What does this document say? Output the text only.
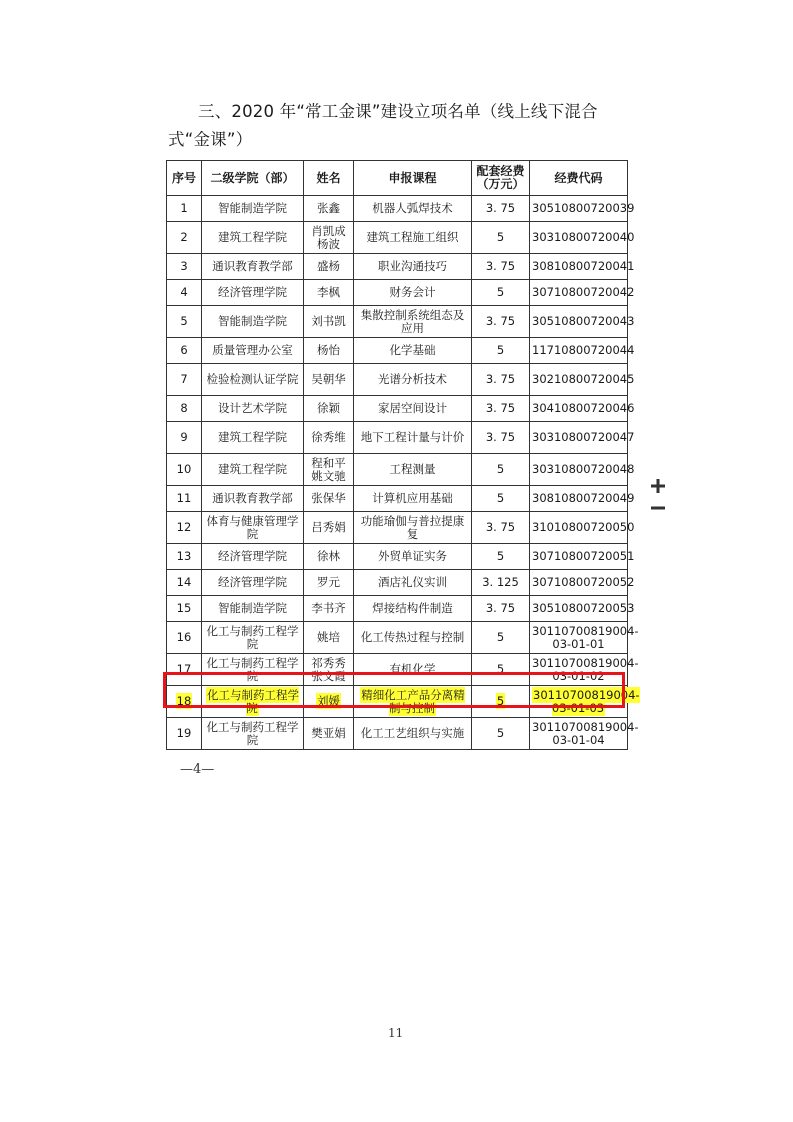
三、2020 年“常工金课”建设立项名单（线上线下混合式“金课”）
序号	二级学院（部）	姓名	申报课程	配套经费（万元）	经费代码
1	智能制造学院	张鑫	机器人弧焊技术	3. 75	30510800720039
2	建筑工程学院	肖凯成 杨波	建筑工程施工组织	5	30310800720040
3	通识教育教学部	盛杨	职业沟通技巧	3. 75	30810800720041
4	经济管理学院	李枫	财务会计	5	30710800720042
5	智能制造学院	刘书凯	集散控制系统组态及应用	3. 75	30510800720043
6	质量管理办公室	杨怡	化学基础	5	11710800720044
7	检验检测认证学院	吴朝华	光谱分析技术	3. 75	30210800720045
8	设计艺术学院	徐颖	家居空间设计	3. 75	30410800720046
9	建筑工程学院	徐秀维	地下工程计量与计价	3. 75	30310800720047
10	建筑工程学院	程和平 姚文驰	工程测量	5	30310800720048
11	通识教育教学部	张保华	计算机应用基础	5	30810800720049
12	体育与健康管理学院	吕秀娟	功能瑜伽与普拉提康复	3. 75	31010800720050
13	经济管理学院	徐林	外贸单证实务	5	30710800720051
14	经济管理学院	罗元	酒店礼仪实训	3. 125	30710800720052
15	智能制造学院	李书齐	焊接结构件制造	3. 75	30510800720053
16	化工与制药工程学院	姚培	化工传热过程与控制	5	30110700819004-03-01-01
17	化工与制药工程学院	祁秀秀 张文霞	有机化学	5	30110700819004-03-01-02
18	化工与制药工程学院	刘媛	精细化工产品分离精制与控制	5	30110700819004-03-01-03
19	化工与制药工程学院	樊亚娟	化工工艺组织与实施	5	30110700819004-03-01-04
—4—
11
